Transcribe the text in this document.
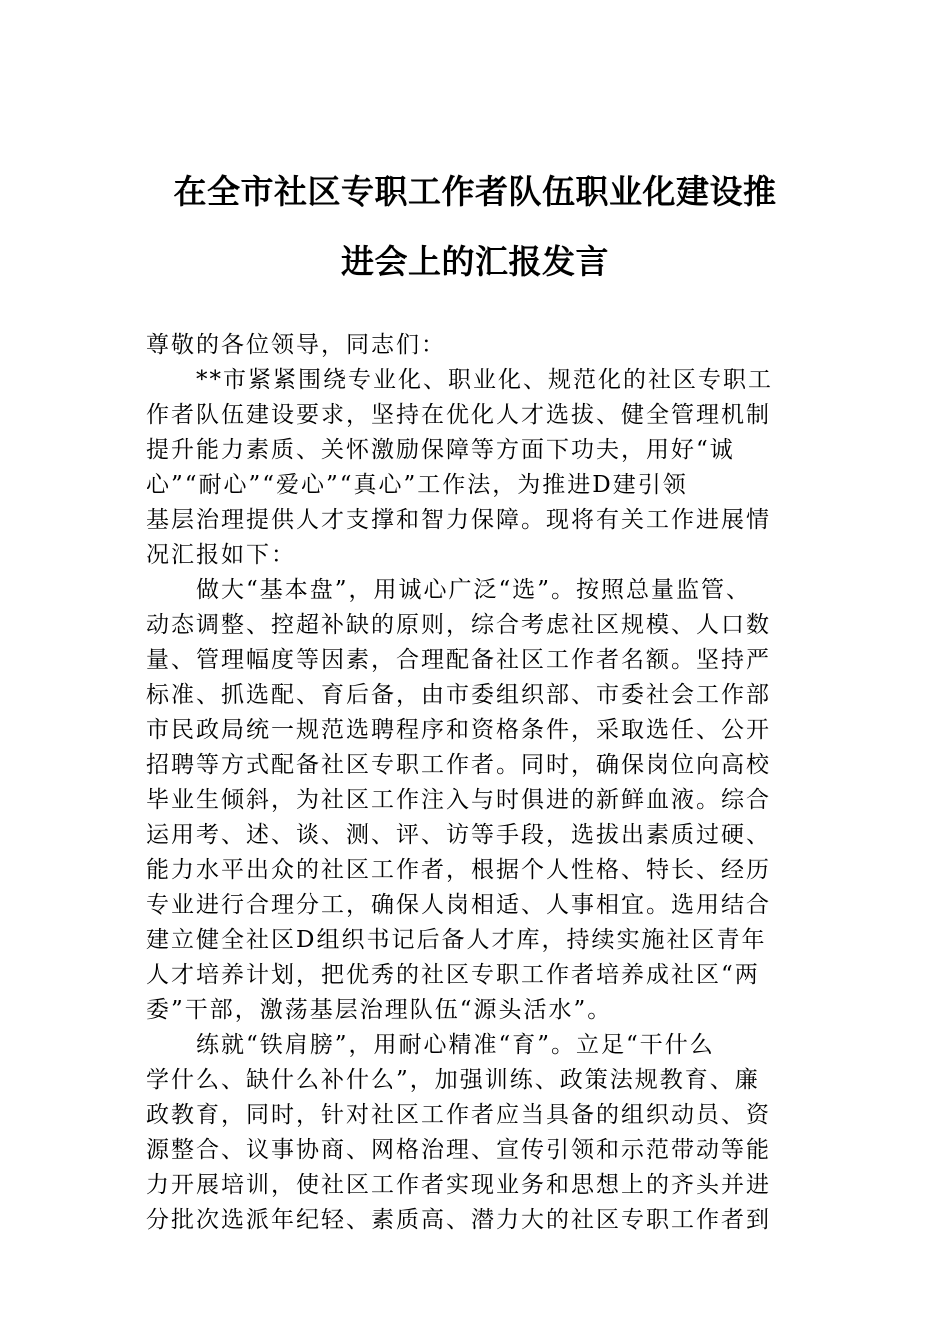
在全市社区专职工作者队伍职业化建设推
进会上的汇报发言
尊敬的各位领导，同志们：
　　**市紧紧围绕专业化、职业化、规范化的社区专职工
作者队伍建设要求，坚持在优化人才选拔、健全管理机制
提升能力素质、关怀激励保障等方面下功夫，用好“诚
心”“耐心”“爱心”“真心”工作法，为推进D建引领
基层治理提供人才支撑和智力保障。现将有关工作进展情
况汇报如下：
　　做大“基本盘”，用诚心广泛“选”。按照总量监管、
动态调整、控超补缺的原则，综合考虑社区规模、人口数
量、管理幅度等因素，合理配备社区工作者名额。坚持严
标准、抓选配、育后备，由市委组织部、市委社会工作部
市民政局统一规范选聘程序和资格条件，采取选任、公开
招聘等方式配备社区专职工作者。同时，确保岗位向高校
毕业生倾斜，为社区工作注入与时俱进的新鲜血液。综合
运用考、述、谈、测、评、访等手段，选拔出素质过硬、
能力水平出众的社区工作者，根据个人性格、特长、经历
专业进行合理分工，确保人岗相适、人事相宜。选用结合
建立健全社区D组织书记后备人才库，持续实施社区青年
人才培养计划，把优秀的社区专职工作者培养成社区“两
委”干部，激荡基层治理队伍“源头活水”。
　　练就“铁肩膀”，用耐心精准“育”。立足“干什么
学什么、缺什么补什么”，加强训练、政策法规教育、廉
政教育，同时，针对社区工作者应当具备的组织动员、资
源整合、议事协商、网格治理、宣传引领和示范带动等能
力开展培训，使社区工作者实现业务和思想上的齐头并进
分批次选派年纪轻、素质高、潜力大的社区专职工作者到
